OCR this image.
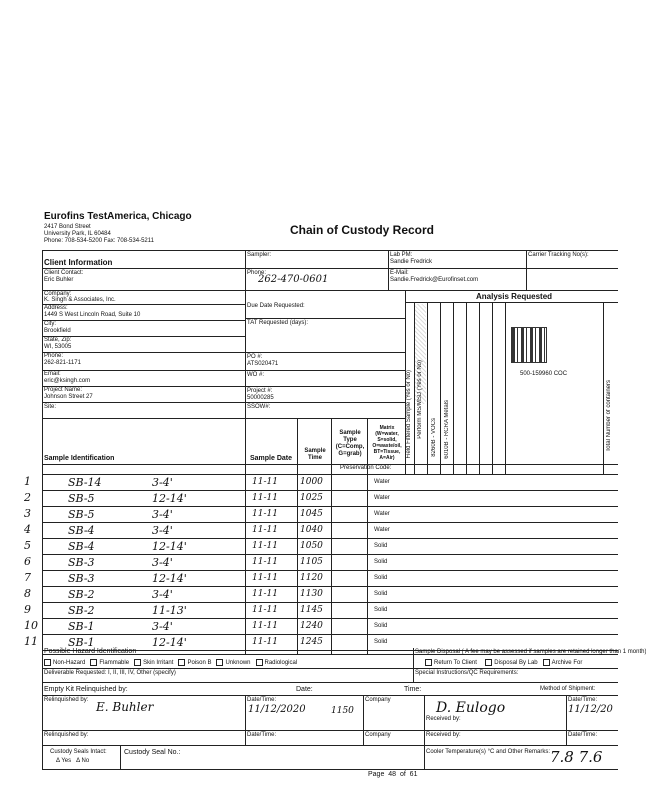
Eurofins TestAmerica, Chicago
2417 Bond Street
University Park, IL 60484
Phone: 708-534-5200 Fax: 708-534-5211
Chain of Custody Record
Sampler:
Phone:
262-470-0601
Lab PM:
Sandie Fredrick
E-Mail:
Sandie.Fredrick@Eurofinset.com
Carrier Tracking No(s):
Client Information
Client Contact:
Eric Buhler
Company:
K. Singh & Associates, Inc.
Address:
1449 S West Lincoln Road, Suite 10
City:
Brookfield
State, Zip:
WI, 53005
Phone:
262-821-1171
Email:
eric@ksingh.com
Project Name:
Johnson Street 27
Site:
Due Date Requested:
TAT Requested (days):
PO #:
ATS020471
WO #:
Project #:
50000285
SSOW#:
Analysis Requested
500-159960 COC
Field Filtered Sample (Yes or No) Perform MS/MSD (Yes or No) 8260B - VOCs 6010B - RCRA Metals	Total Number of containers
Sample Identification	Sample Date
Sample Time
Sample Type (C=Comp, G=grab)
Matrix (W=water, S=solid, O=waste/oil, BT=Tissue, A=Air)
Preservation Code:
1	SB-14	3-4'	11-11 1000	Water
2	SB-5	12-14'	11-11 1025	Water
3	SB-5	3-4'	11-11 1045	Water
4	SB-4	3-4'	11-11 1040	Water
5	SB-4	12-14'	11-11 1050	Solid
6	SB-3	3-4'	11-11 1105	Solid
7	SB-3	12-14'	11-11 1120	Solid
8	SB-2	3-4'	11-11 1130	Solid
9	SB-2	11-13'	11-11 1145	Solid
10	SB-1	3-4'	11-11 1240	Solid
11	SB-1	12-14'	11-11 1245	Solid
Possible Hazard Identification
Non-Hazard Flammable Skin Irritant Poison B Unknown Radiological
Deliverable Requested: I, II, III, IV, Other (specify)
Sample Disposal ( A fee may be assessed if samples are retained longer than 1 month)
Return To Client	Disposal By Lab Archive For
Special Instructions/QC Requirements:
Empty Kit Relinquished by:	Date:	Time:	Method of Shipment:
Relinquished by: E. Buhler	Date/Time:
11/12/2020	1150
Company
Received by:
D. Eulogo	Date/Time:
11/12/20
Relinquished by:	Date/Time:	Company	Received by:	Date/Time:
Custody Seals Intact:
Δ Yes Δ No
Custody Seal No.:	Cooler Temperature(s) °C and Other Remarks: 7.8 7.6
Page 48 of 61
